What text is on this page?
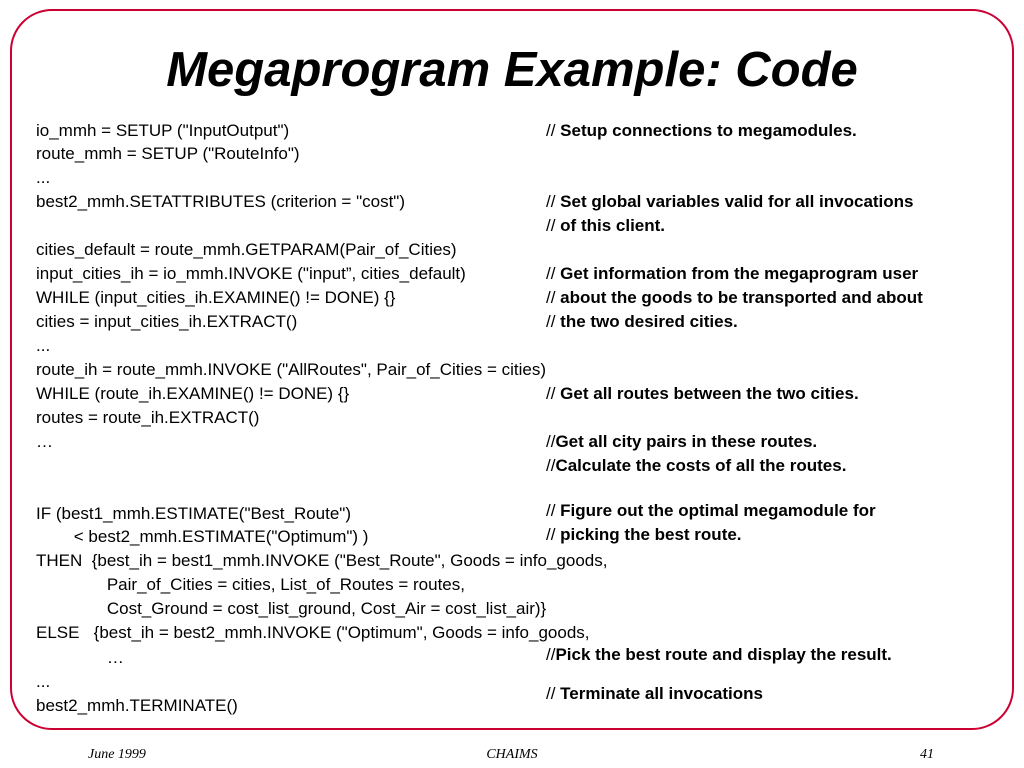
Megaprogram Example: Code
io_mmh = SETUP ("InputOutput")
route_mmh = SETUP ("RouteInfo")
...
best2_mmh.SETATTRIBUTES (criterion = "cost")
cities_default = route_mmh.GETPARAM(Pair_of_Cities)
input_cities_ih = io_mmh.INVOKE ("input”, cities_default)
WHILE (input_cities_ih.EXAMINE() != DONE) {}
cities = input_cities_ih.EXTRACT()
...
route_ih = route_mmh.INVOKE ("AllRoutes", Pair_of_Cities = cities)
WHILE (route_ih.EXAMINE() != DONE) {}
routes = route_ih.EXTRACT()
…
IF (best1_mmh.ESTIMATE("Best_Route")
< best2_mmh.ESTIMATE("Optimum") )
THEN  {best_ih = best1_mmh.INVOKE ("Best_Route", Goods = info_goods,
Pair_of_Cities = cities, List_of_Routes = routes,
Cost_Ground = cost_list_ground, Cost_Air = cost_list_air)}
ELSE   {best_ih = best2_mmh.INVOKE ("Optimum", Goods = info_goods,
…
...
best2_mmh.TERMINATE()
// Setup connections to megamodules.
// Set global variables valid for all invocations
// of this client.
// Get information from the megaprogram user
// about the goods to be transported and about
// the two desired cities.
// Get all routes between the two cities.
//Get all city pairs in these routes.
//Calculate the costs of all the routes.
// Figure out the optimal megamodule for
// picking the best route.
//Pick the best route and display the result.
// Terminate all invocations
June 1999	CHAIMS	41
